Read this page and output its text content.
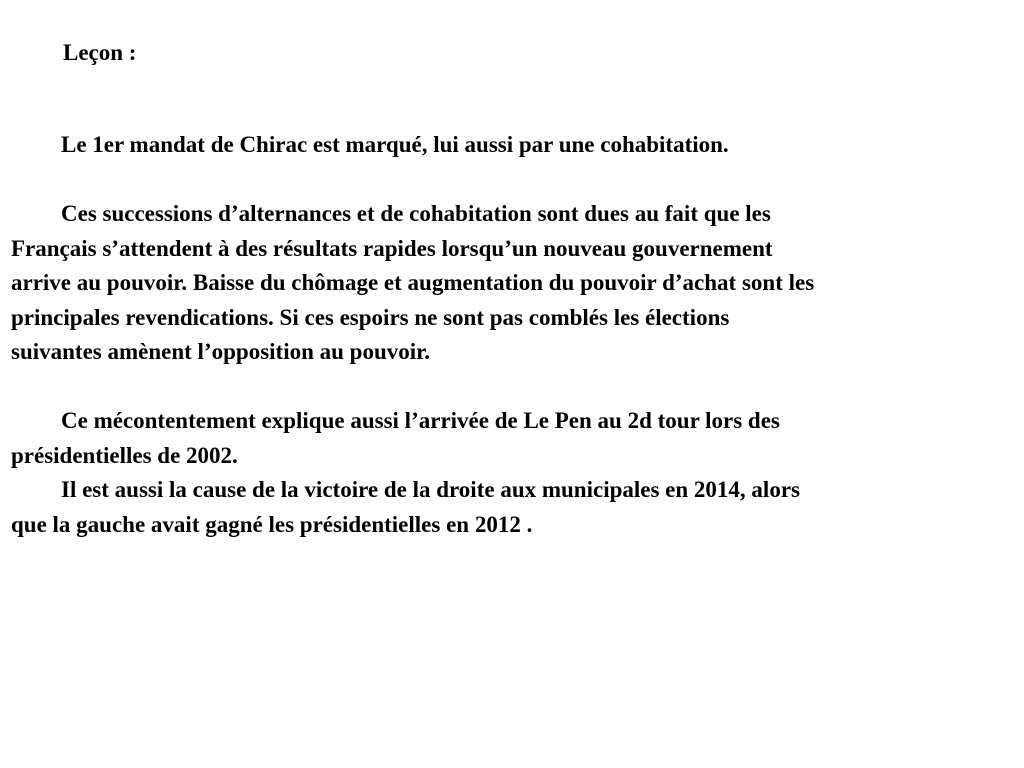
Leçon :
Le 1er mandat de Chirac est marqué, lui aussi par une cohabitation.
Ces successions d’alternances et de cohabitation sont dues au fait que les
Français s’attendent à des résultats rapides lorsqu’un nouveau gouvernement
arrive au pouvoir. Baisse du chômage et augmentation du pouvoir d’achat sont les
principales revendications. Si ces espoirs ne sont pas comblés les élections
suivantes amènent l’opposition au pouvoir.
Ce mécontentement explique aussi l’arrivée de Le Pen au 2d tour lors des
présidentielles de 2002.
Il est aussi la cause de la victoire de la droite aux municipales en 2014, alors
que la gauche avait gagné les présidentielles en 2012 .
